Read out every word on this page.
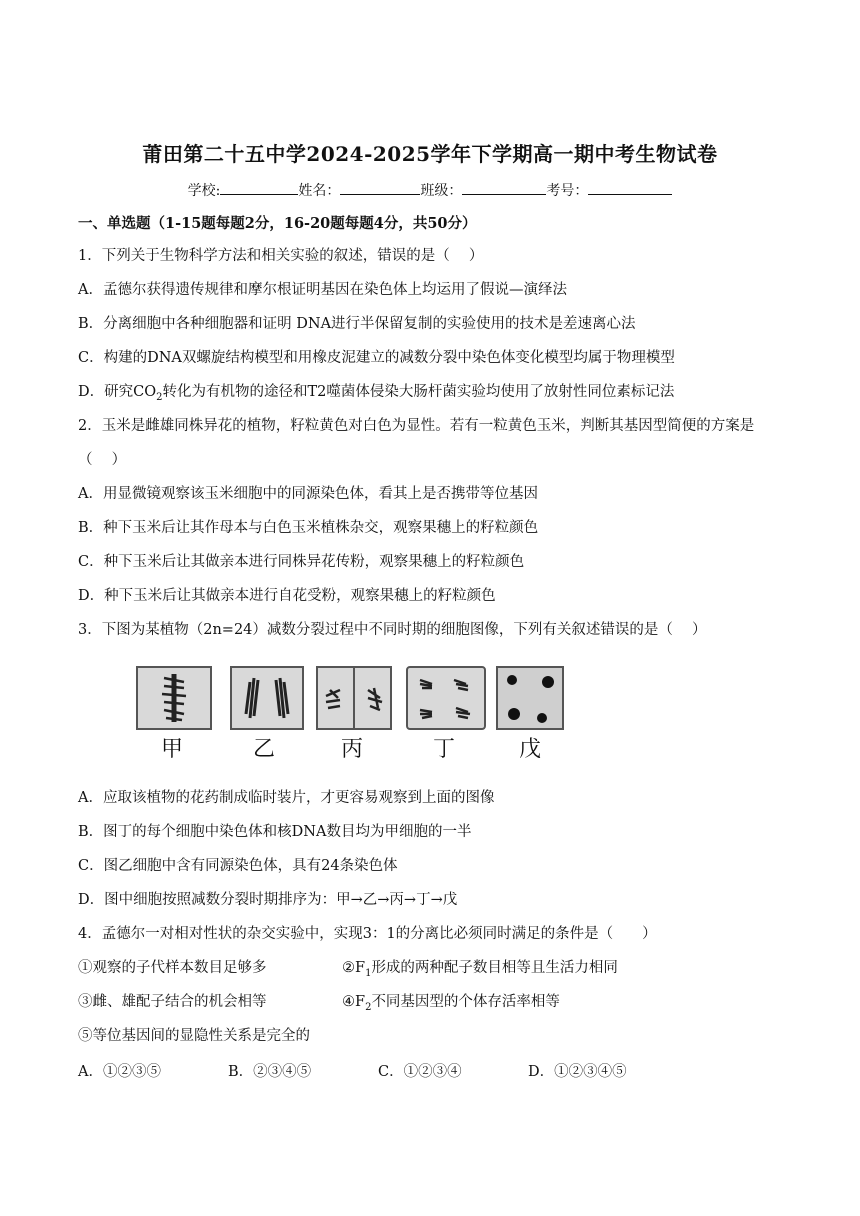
莆田第二十五中学2024-2025学年下学期高一期中考生物试卷
学校:	姓名：	班级：	考号：
一、单选题（1-15题每题2分，16-20题每题4分，共50分）
1．下列关于生物科学方法和相关实验的叙述，错误的是（　 ）
A．孟德尔获得遗传规律和摩尔根证明基因在染色体上均运用了假说—演绎法
B．分离细胞中各种细胞器和证明 DNA进行半保留复制的实验使用的技术是差速离心法
C．构建的DNA双螺旋结构模型和用橡皮泥建立的减数分裂中染色体变化模型均属于物理模型
D．研究$CO_2$转化为有机物的途径和T2噬菌体侵染大肠杆菌实验均使用了放射性同位素标记法
2．玉米是雌雄同株异花的植物，籽粒黄色对白色为显性。若有一粒黄色玉米，判断其基因型简便的方案是
（　 ）
A．用显微镜观察该玉米细胞中的同源染色体，看其上是否携带等位基因
B．种下玉米后让其作母本与白色玉米植株杂交，观察果穗上的籽粒颜色
C．种下玉米后让其做亲本进行同株异花传粉，观察果穗上的籽粒颜色
D．种下玉米后让其做亲本进行自花受粉，观察果穗上的籽粒颜色
3．下图为某植物（2n=24）减数分裂过程中不同时期的细胞图像，下列有关叙述错误的是（　 ）
甲	乙	丙	丁	戊
A．应取该植物的花药制成临时装片，才更容易观察到上面的图像
B．图丁的每个细胞中染色体和核DNA数目均为甲细胞的一半
C．图乙细胞中含有同源染色体，具有24条染色体
D．图中细胞按照减数分裂时期排序为：甲→乙→丙→丁→戊
4．孟德尔一对相对性状的杂交实验中，实现3：1的分离比必须同时满足的条件是（　　）
①观察的子代样本数目足够多	$②F_1$形成的两种配子数目相等且生活力相同
③雌、雄配子结合的机会相等	$④F_2$不同基因型的个体存活率相等
⑤等位基因间的显隐性关系是完全的
A．①②③⑤	B．②③④⑤	C．①②③④	D．①②③④⑤
